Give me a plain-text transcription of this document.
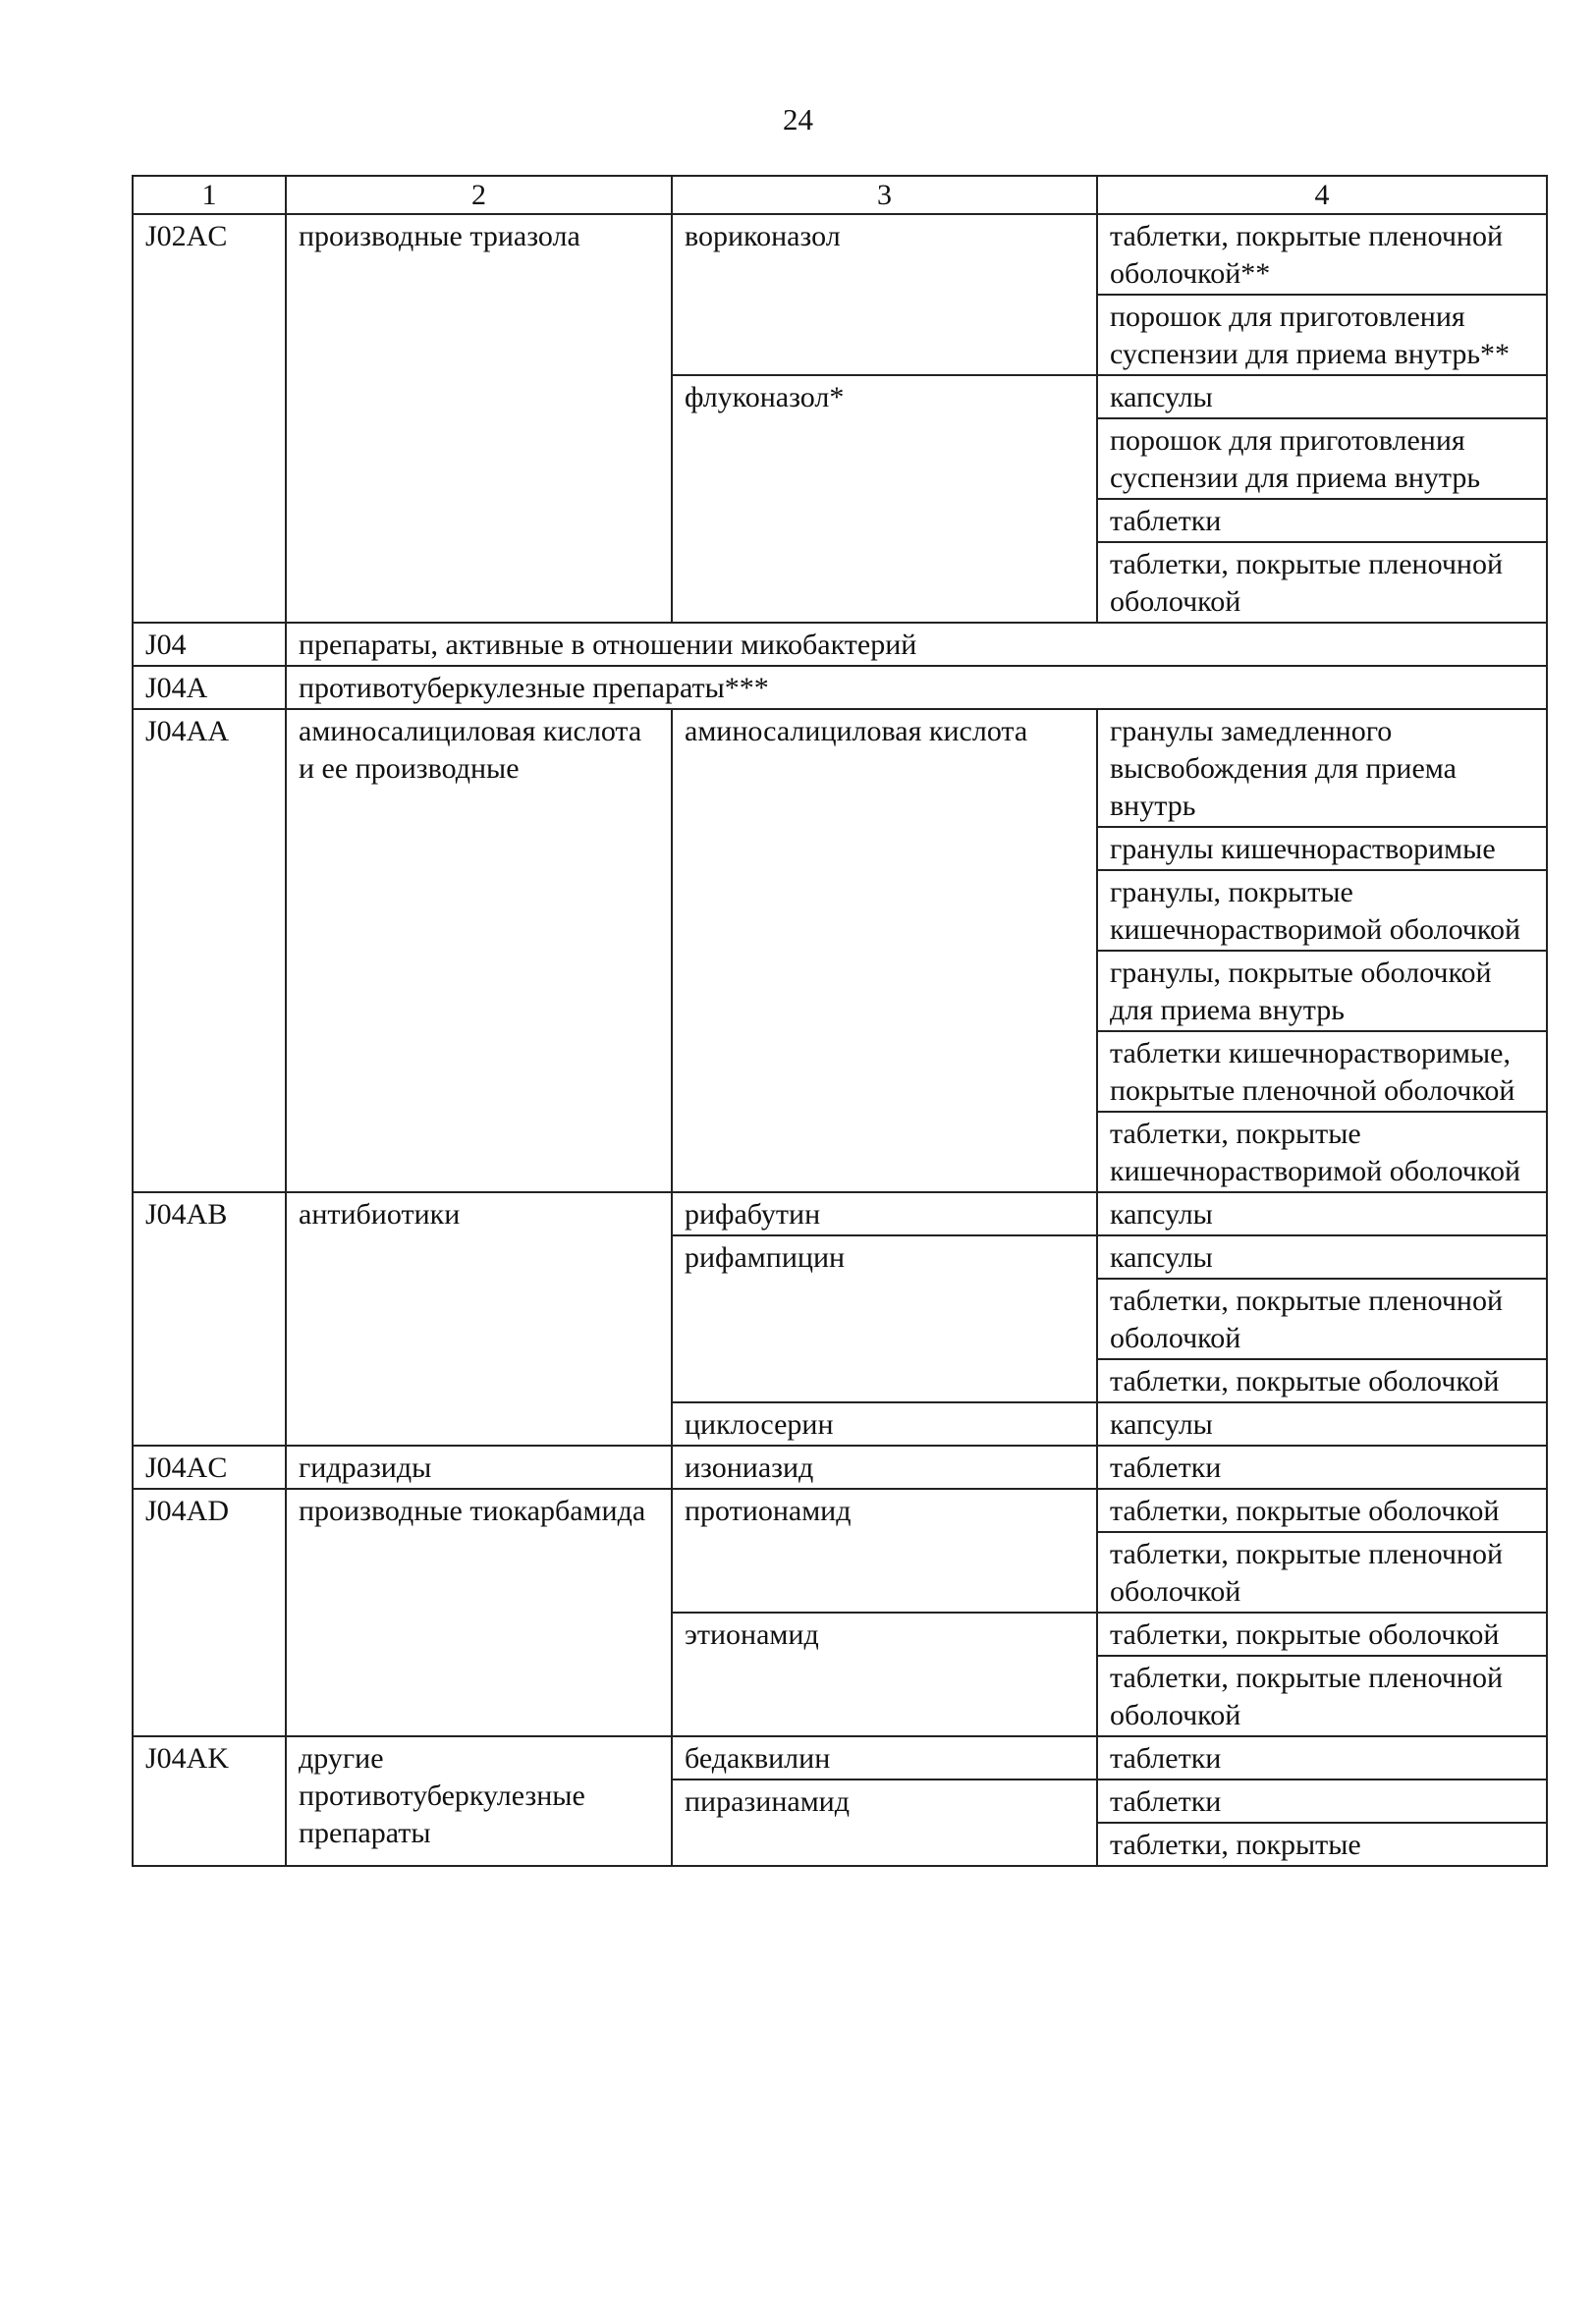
24
1	2	3	4
J02AC	производные триазола	вориконазол	таблетки, покрытые пленочной оболочкой**
			порошок для приготовления суспензии для приема внутрь**
		флуконазол*	капсулы
			порошок для приготовления суспензии для приема внутрь
			таблетки
			таблетки, покрытые пленочной оболочкой
J04	препараты, активные в отношении микобактерий		
J04A	противотуберкулезные препараты***		
J04AA	аминосалициловая кислота и ее производные	аминосалициловая кислота	гранулы замедленного высвобождения для приема внутрь
			гранулы кишечнорастворимые
			гранулы, покрытые кишечнорастворимой оболочкой
			гранулы, покрытые оболочкой для приема внутрь
			таблетки кишечнорастворимые, покрытые пленочной оболочкой
			таблетки, покрытые кишечнорастворимой оболочкой
J04AB	антибиотики	рифабутин	капсулы
		рифампицин	капсулы
			таблетки, покрытые пленочной оболочкой
			таблетки, покрытые оболочкой
		циклосерин	капсулы
J04AC	гидразиды	изониазид	таблетки
J04AD	производные тиокарбамида	протионамид	таблетки, покрытые оболочкой
			таблетки, покрытые пленочной оболочкой
		этионамид	таблетки, покрытые оболочкой
			таблетки, покрытые пленочной оболочкой
J04AK	другие противотуберкулезные препараты	бедаквилин	таблетки
		пиразинамид	таблетки
			таблетки, покрытые
